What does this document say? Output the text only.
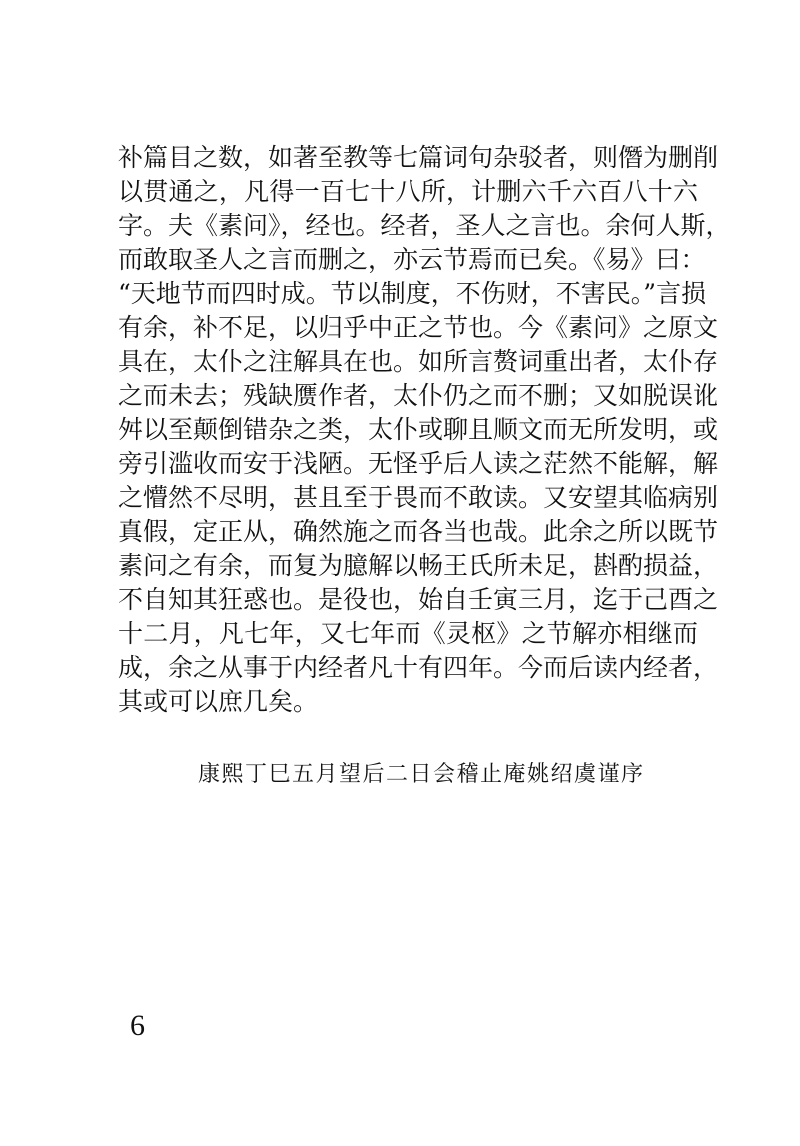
补篇目之数，如著至教等七篇词句杂驳者，则僭为删削
以贯通之，凡得一百七十八所，计删六千六百八十六
字。夫《素问》，经也。经者，圣人之言也。余何人斯，
而敢取圣人之言而删之，亦云节焉而已矣。《易》曰：
“天地节而四时成。节以制度，不伤财，不害民。”言损
有余，补不足，以归乎中正之节也。今《素问》之原文
具在，太仆之注解具在也。如所言赘词重出者，太仆存
之而未去；残缺赝作者，太仆仍之而不删；又如脱误讹
舛以至颠倒错杂之类，太仆或聊且顺文而无所发明，或
旁引滥收而安于浅陋。无怪乎后人读之茫然不能解，解
之懵然不尽明，甚且至于畏而不敢读。又安望其临病别
真假，定正从，确然施之而各当也哉。此余之所以既节
素问之有余，而复为臆解以畅王氏所未足，斟酌损益，
不自知其狂惑也。是役也，始自壬寅三月，迄于己酉之
十二月，凡七年，又七年而《灵枢》之节解亦相继而
成，余之从事于内经者凡十有四年。今而后读内经者，
其或可以庶几矣。
康熙丁巳五月望后二日会稽止庵姚绍虞谨序
6
